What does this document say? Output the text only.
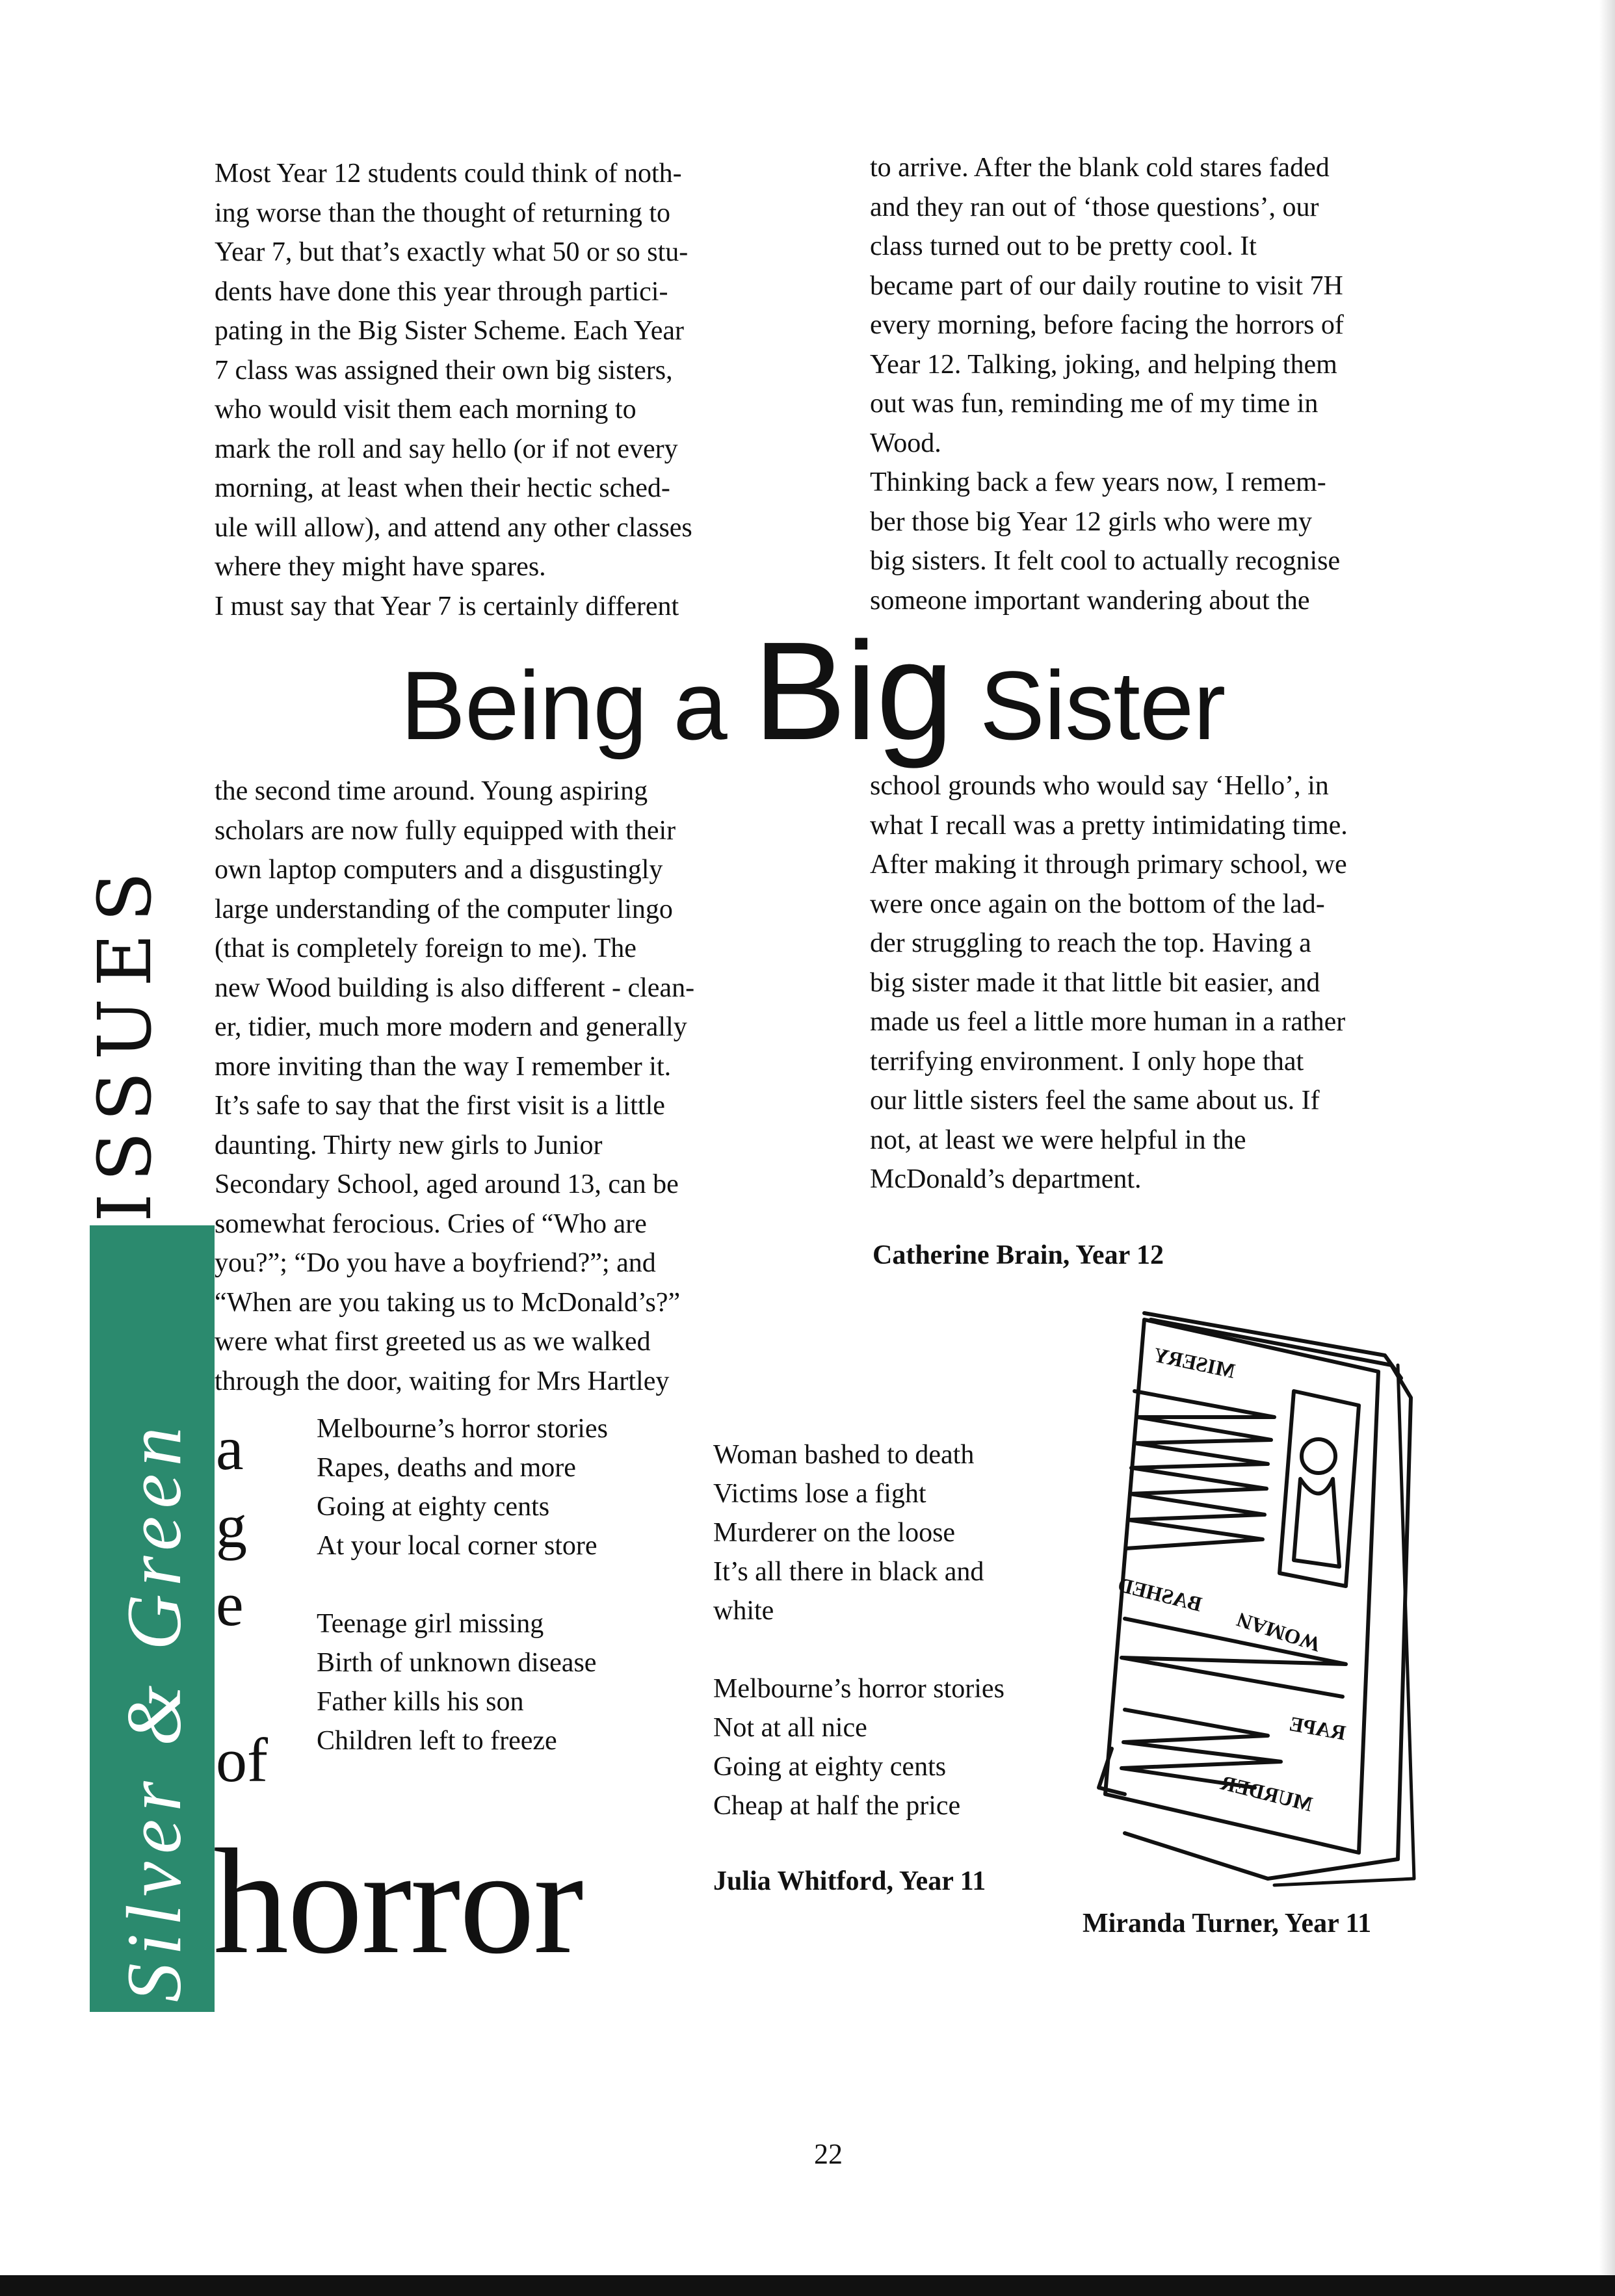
Most Year 12 students could think of noth-

ing worse than the thought of returning to

Year 7, but that’s exactly what 50 or so stu-

dents have done this year through partici-

pating in the Big Sister Scheme. Each Year

7 class was assigned their own big sisters,

who would visit them each morning to

mark the roll and say hello (or if not every

morning, at least when their hectic sched-

ule will allow), and attend any other classes

where they might have spares.

I must say that Year 7 is certainly different

to arrive. After the blank cold stares faded

and they ran out of ‘those questions’, our

class turned out to be pretty cool. It

became part of our daily routine to visit 7H

every morning, before facing the horrors of

Year 12. Talking, joking, and helping them

out was fun, reminding me of my time in

Wood.

Thinking back a few years now, I remem-

ber those big Year 12 girls who were my

big sisters. It felt cool to actually recognise

someone important wandering about the

Being a Big Sister

the second time around. Young aspiring

scholars are now fully equipped with their

own laptop computers and a disgustingly

large understanding of the computer lingo

(that is completely foreign to me). The

new Wood building is also different - clean-

er, tidier, much more modern and generally

more inviting than the way I remember it.

It’s safe to say that the first visit is a little

daunting. Thirty new girls to Junior

Secondary School, aged around 13, can be

somewhat ferocious. Cries of “Who are

you?”; “Do you have a boyfriend?”; and

“When are you taking us to McDonald’s?”

were what first greeted us as we walked

through the door, waiting for Mrs Hartley

school grounds who would say ‘Hello’, in

what I recall was a pretty intimidating time.

After making it through primary school, we

were once again on the bottom of the lad-

der struggling to reach the top. Having a

big sister made it that little bit easier, and

made us feel a little more human in a rather

terrifying environment. I only hope that

our little sisters feel the same about us. If

not, at least we were helpful in the

McDonald’s department.

Catherine Brain, Year 12
ISSUES
Silver & Green a
g
e
of
horror
Melbourne’s horror stories
Rapes, deaths and more
Going at eighty cents
At your local corner store
Teenage girl missing
Birth of unknown disease
Father kills his son
Children left to freeze
Woman bashed to death
Victims lose a fight
Murderer on the loose
It’s all there in black and
white
Melbourne’s horror stories
Not at all nice
Going at eighty cents
Cheap at half the price
Julia Whitford, Year 11
MISERY
BASHED
WOMAN
RAPE
MURDER
Miranda Turner, Year 11
22
